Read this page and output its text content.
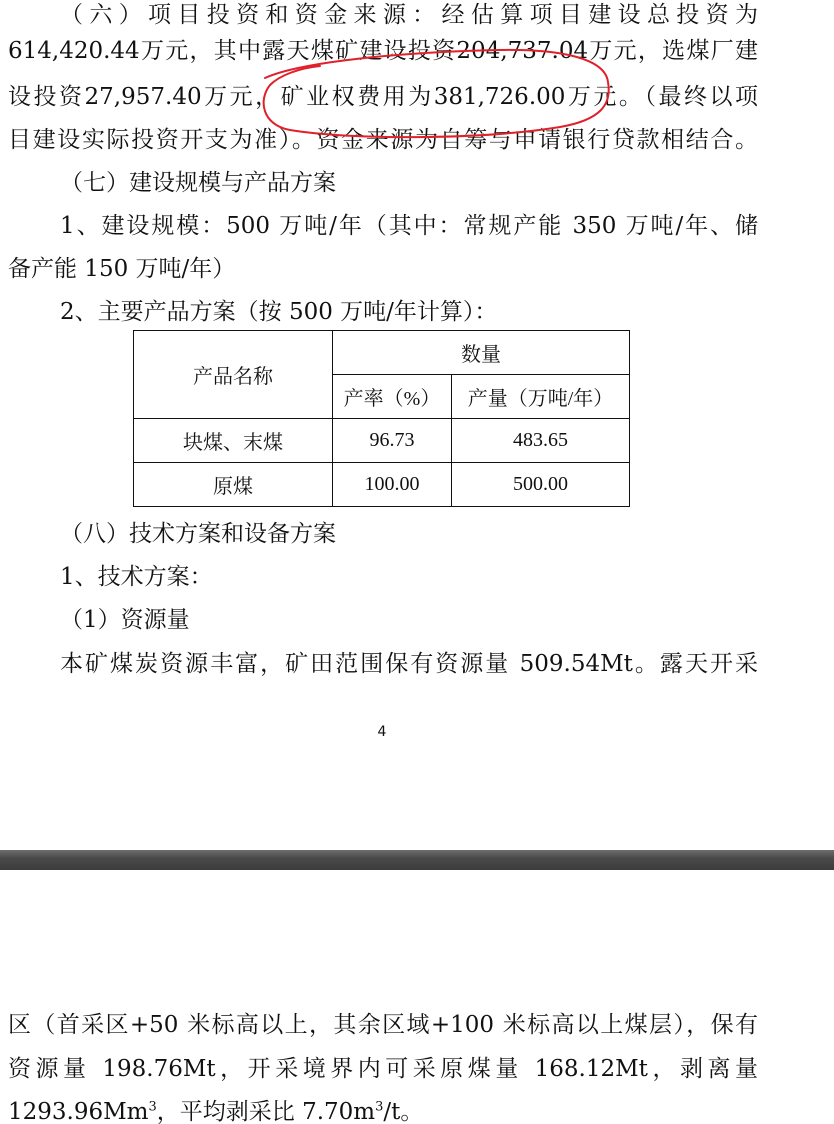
（六）项目投资和资金来源：经估算项目建设总投资为
614,420.44万元，其中露天煤矿建设投资204,737.04万元，选煤厂建
设投资27,957.40万元，矿业权费用为381,726.00万元。（最终以项
目建设实际投资开支为准）。资金来源为自筹与申请银行贷款相结合。
（七）建设规模与产品方案
1、建设规模：500 万吨/年（其中：常规产能 350 万吨/年、储
备产能 150 万吨/年）
2、主要产品方案（按 500 万吨/年计算）：
产品名称	数量	
	产率（%）	产量（万吨/年）
块煤、末煤	96.73	483.65
原煤	100.00	500.00
（八）技术方案和设备方案
1、技术方案：
（1）资源量
本矿煤炭资源丰富，矿田范围保有资源量 509.54Mt。露天开采
4
区（首采区+50 米标高以上，其余区域+100 米标高以上煤层），保有
资源量 198.76Mt，开采境界内可采原煤量 168.12Mt，剥离量
1293.96Mm$^3$，平均剥采比 $7.70m^3/t$。
